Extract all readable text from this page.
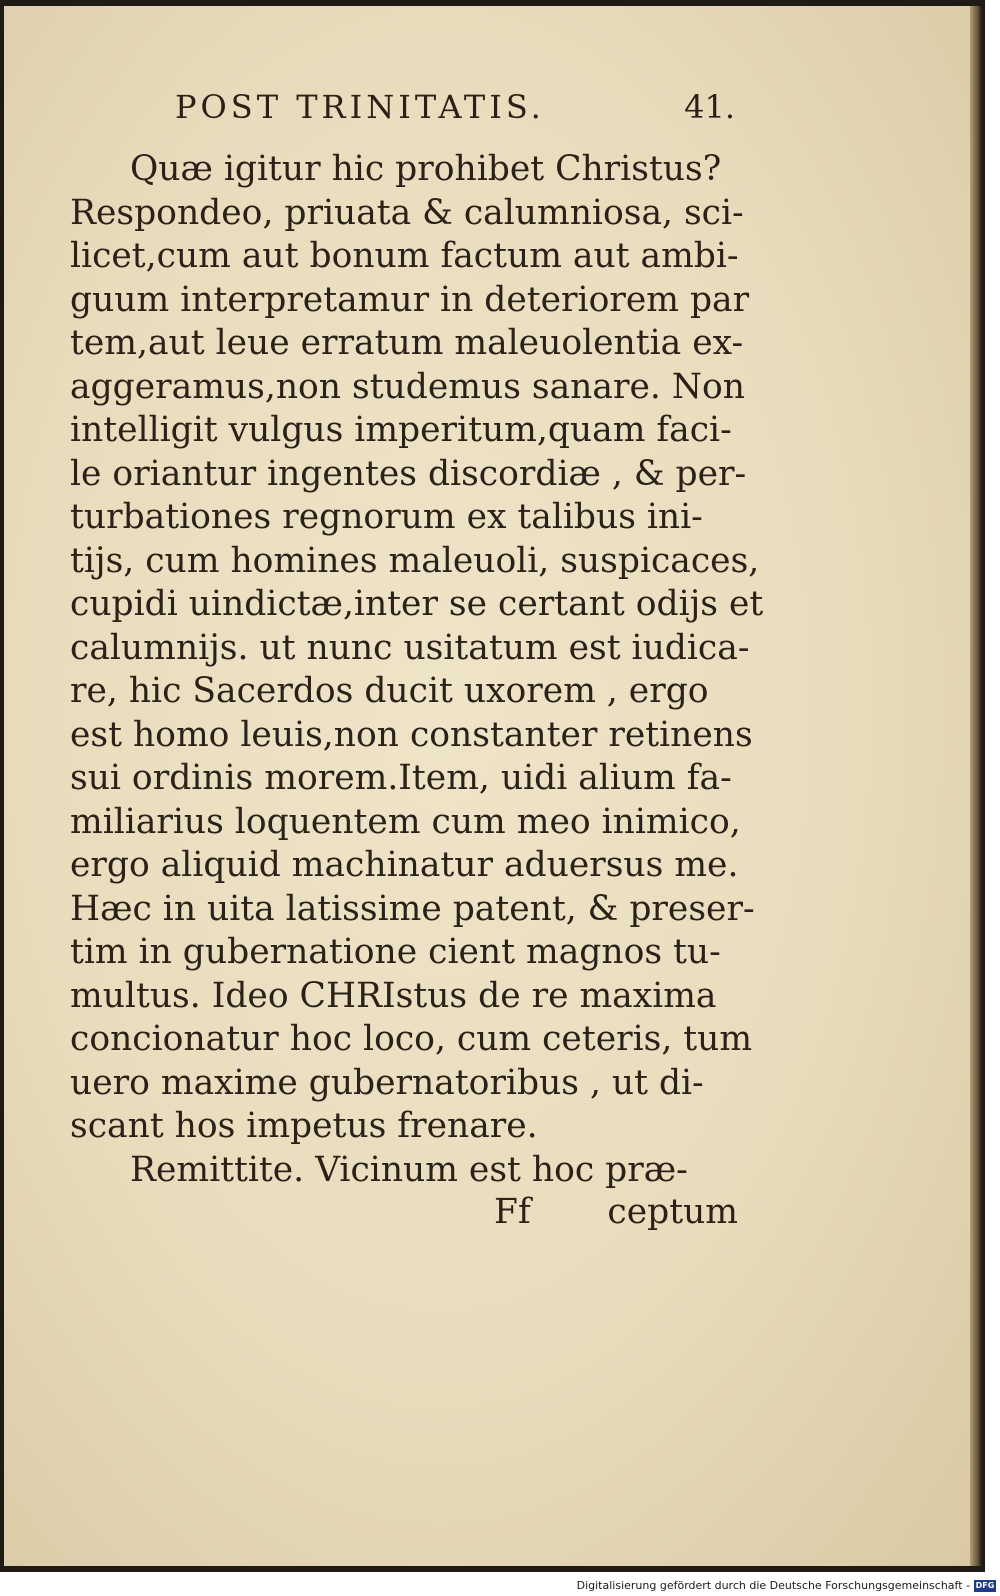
POST TRINITATIS.	41.
Quæ igitur hic prohibet Christus?
Respondeo, priuata & calumniosa, sci-
licet,cum aut bonum factum aut ambi-
guum interpretamur in deteriorem par
tem,aut leue erratum maleuolentia ex-
aggeramus,non studemus sanare. Non
intelligit vulgus imperitum,quam faci-
le oriantur ingentes discordiæ , & per-
turbationes regnorum ex talibus ini-
tijs, cum homines maleuoli, suspicaces,
cupidi uindictæ,inter se certant odijs et
calumnijs. ut nunc usitatum est iudica-
re, hic Sacerdos ducit uxorem , ergo
est homo leuis,non constanter retinens
sui ordinis morem.Item, uidi alium fa-
miliarius loquentem cum meo inimico,
ergo aliquid machinatur aduersus me.
Hæc in uita latissime patent, & preser-
tim in gubernatione cient magnos tu-
multus. Ideo CHRIstus de re maxima
concionatur hoc loco, cum ceteris, tum
uero maxime gubernatoribus , ut di-
scant hos impetus frenare.
Remittite. Vicinum est hoc præ-
Ff ceptum
Digitalisierung gefördert durch die Deutsche Forschungsgemeinschaft - DFG
